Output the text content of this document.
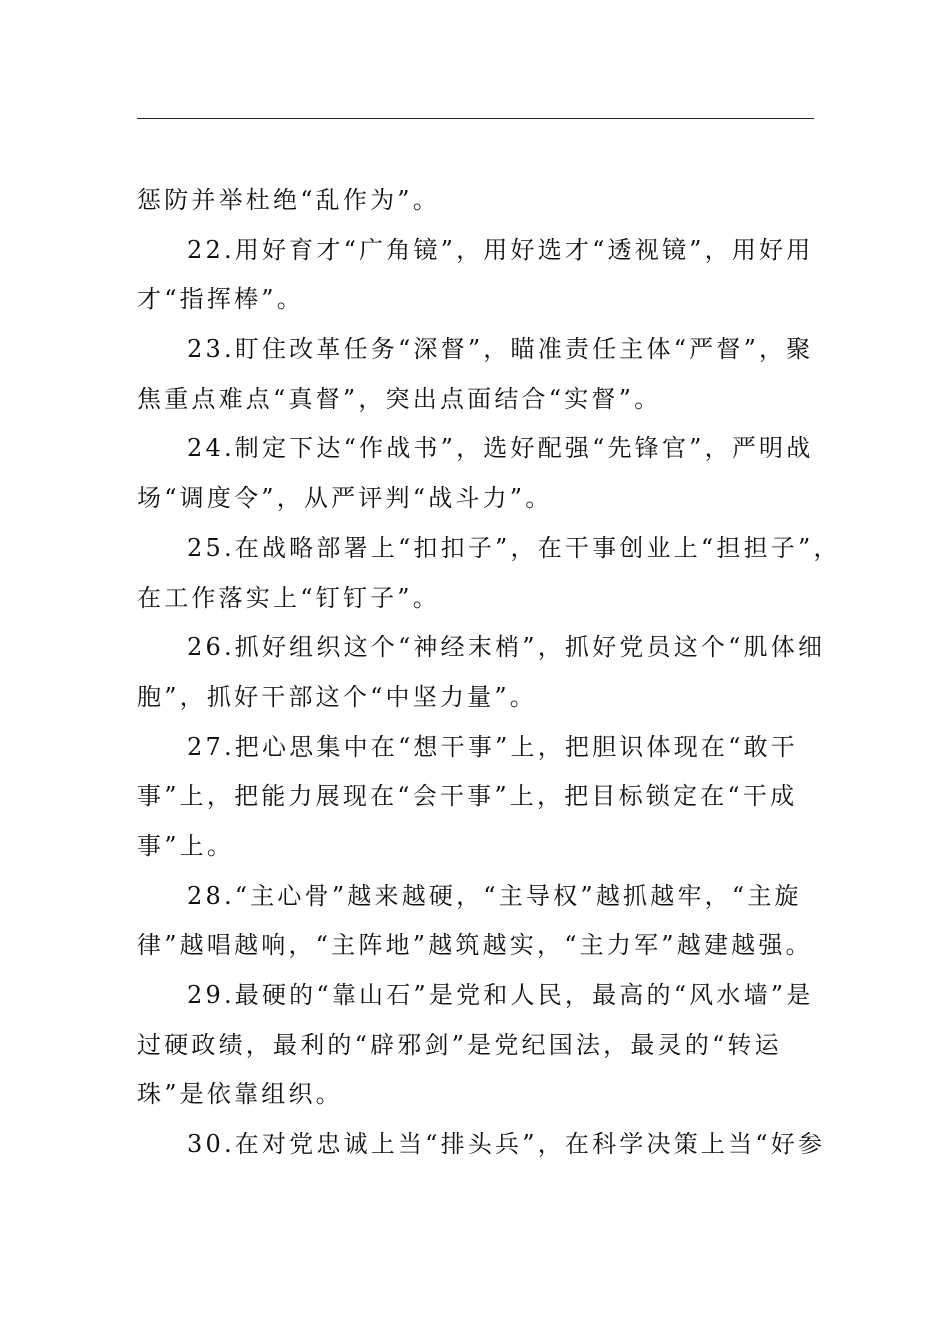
惩防并举杜绝“乱作为”。
22.用好育才“广角镜”，用好选才“透视镜”，用好用
才“指挥棒”。
23.盯住改革任务“深督”，瞄准责任主体“严督”，聚
焦重点难点“真督”，突出点面结合“实督”。
24.制定下达“作战书”，选好配强“先锋官”，严明战
场“调度令”，从严评判“战斗力”。
25.在战略部署上“扣扣子”，在干事创业上“担担子”，
在工作落实上“钉钉子”。
26.抓好组织这个“神经末梢”，抓好党员这个“肌体细
胞”，抓好干部这个“中坚力量”。
27.把心思集中在“想干事”上，把胆识体现在“敢干
事”上，把能力展现在“会干事”上，把目标锁定在“干成
事”上。
28.“主心骨”越来越硬，“主导权”越抓越牢，“主旋
律”越唱越响，“主阵地”越筑越实，“主力军”越建越强。
29.最硬的“靠山石”是党和人民，最高的“风水墙”是
过硬政绩，最利的“辟邪剑”是党纪国法，最灵的“转运
珠”是依靠组织。
30.在对党忠诚上当“排头兵”，在科学决策上当“好参
